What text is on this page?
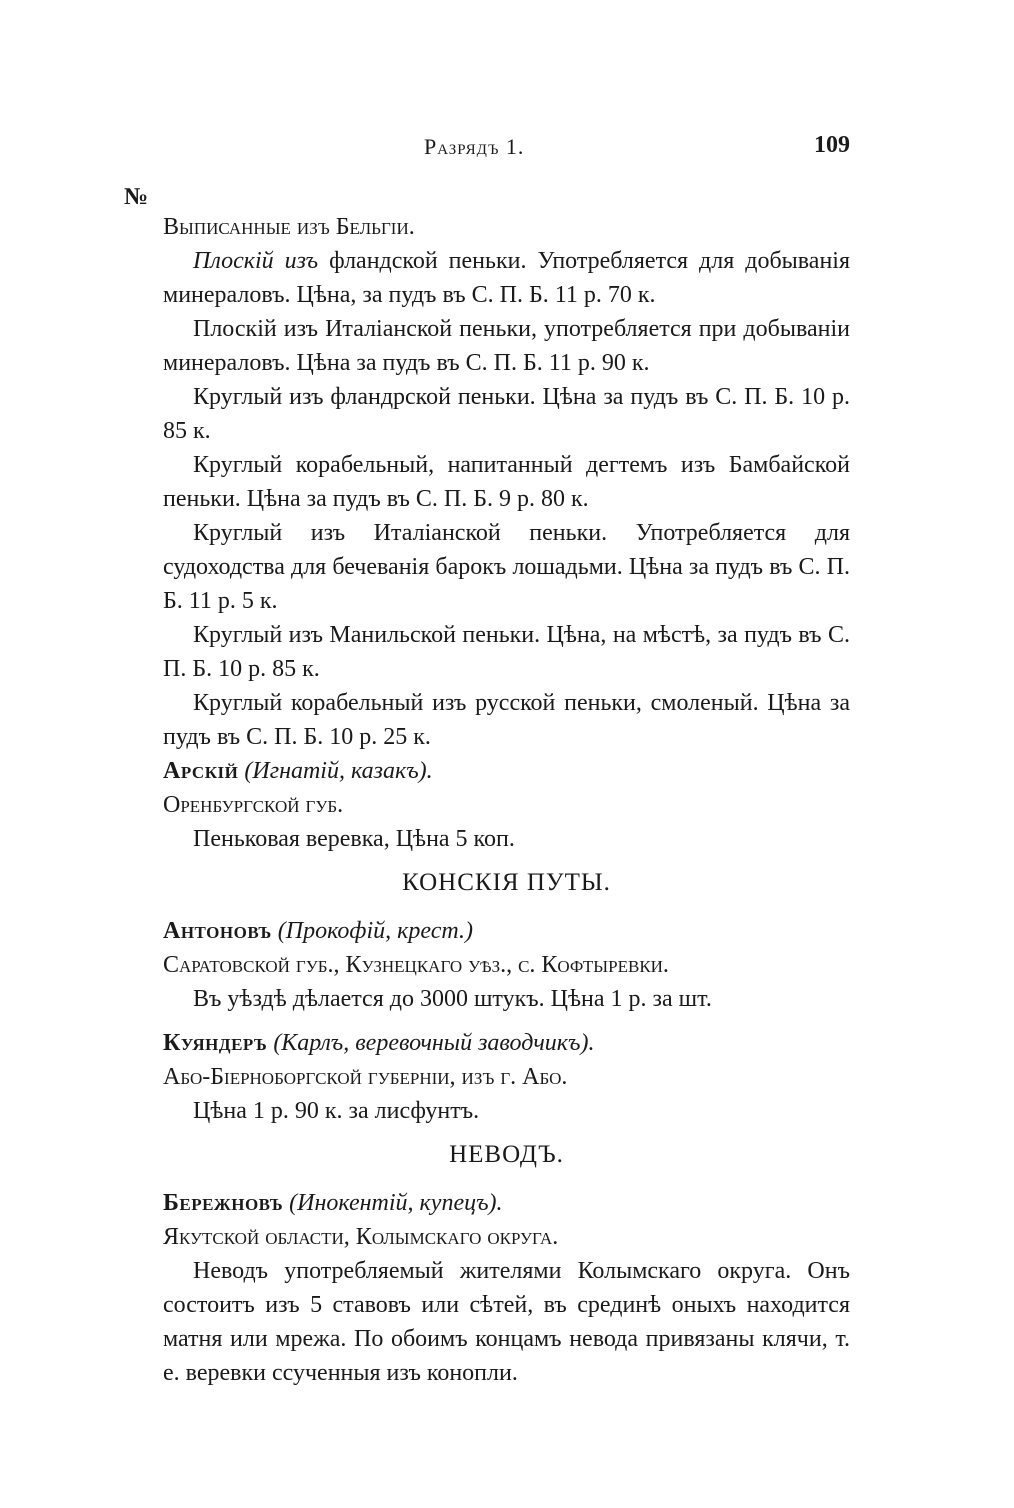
Разрядъ 1.	109
№

Выписанные изъ Бельгіи.

Плоскій изъ фландской пеньки. Употребляется для добыванія минераловъ. Цѣна, за пудъ въ С. П. Б. 11 р. 70 к.

Плоскій изъ Италіанской пеньки, употребляется при добываніи минераловъ. Цѣна за пудъ въ С. П. Б. 11 р. 90 к.

Круглый изъ фландрской пеньки. Цѣна за пудъ въ С. П. Б. 10 р. 85 к.

Круглый корабельный, напитанный дегтемъ изъ Бамбайской пеньки. Цѣна за пудъ въ С. П. Б. 9 р. 80 к.

Круглый изъ Италіанской пеньки. Употребляется для судоходства для бечеванія барокъ лошадьми. Цѣна за пудъ въ С. П. Б. 11 р. 5 к.

Круглый изъ Манильской пеньки. Цѣна, на мѣстѣ, за пудъ въ С. П. Б. 10 р. 85 к.

Круглый корабельный изъ русской пеньки, смоленый. Цѣна за пудъ въ С. П. Б. 10 р. 25 к.

Арскій (Игнатій, казакъ).

Оренбургской губ.

Пеньковая веревка, Цѣна 5 коп.

КОНСКІЯ ПУТЫ.

Антоновъ (Прокофій, крест.)

Саратовской губ., Кузнецкаго уѣз., с. Кофтыревки.

Въ уѣздѣ дѣлается до 3000 штукъ. Цѣна 1 р. за шт.

Куяндеръ (Карлъ, веревочный заводчикъ).

Або-Біерноборгской губерніи, изъ г. Або.

Цѣна 1 р. 90 к. за лисфунтъ.

НЕВОДЪ.

Бережновъ (Инокентій, купецъ).

Якутской области, Колымскаго округа.

Неводъ употребляемый жителями Колымскаго округа. Онъ состоитъ изъ 5 ставовъ или сѣтей, въ срединѣ оныхъ находится матня или мрежа. По обоимъ концамъ невода привязаны клячи, т. е. веревки ссученныя изъ конопли.
